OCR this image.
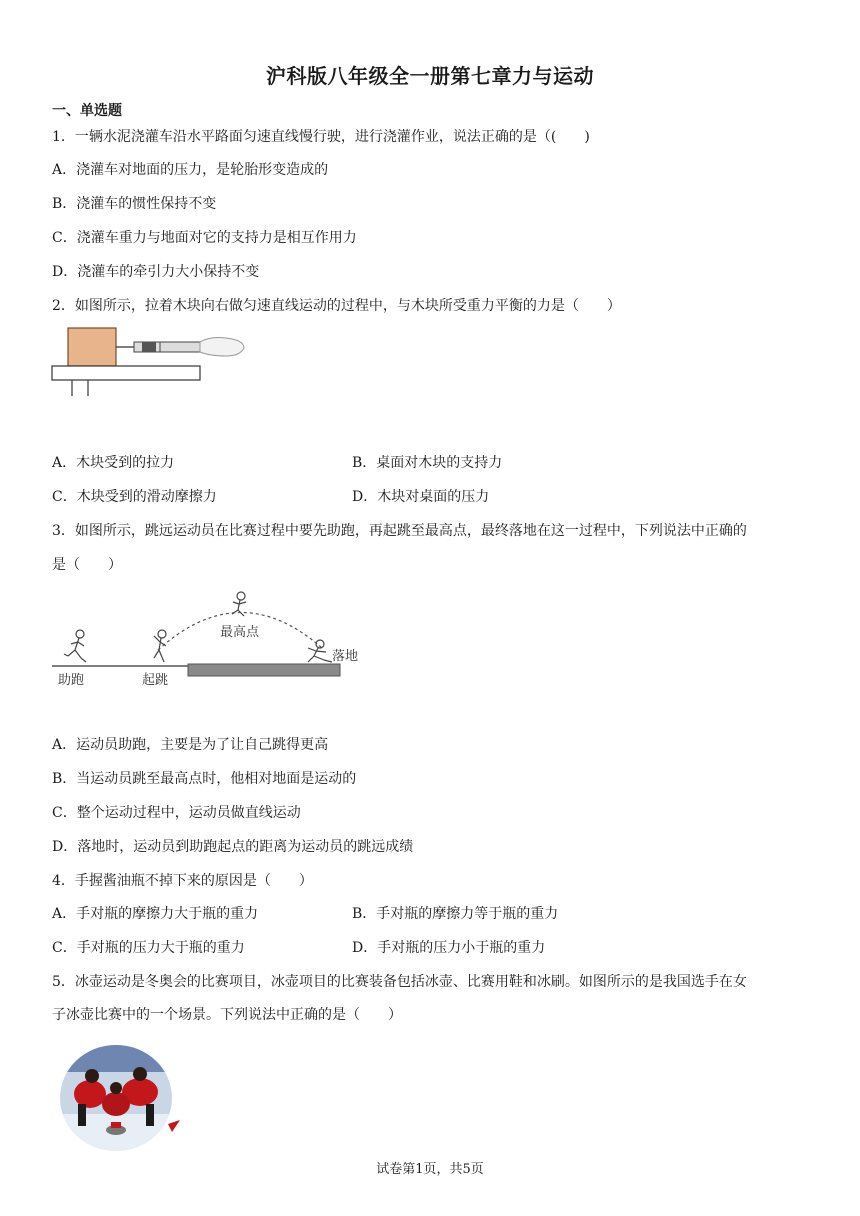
沪科版八年级全一册第七章力与运动
一、单选题
1．一辆水泥浇灌车沿水平路面匀速直线慢行驶，进行浇灌作业，说法正确的是（(　　)
A．浇灌车对地面的压力，是轮胎形变造成的
B．浇灌车的惯性保持不变
C．浇灌车重力与地面对它的支持力是相互作用力
D．浇灌车的牵引力大小保持不变
2．如图所示，拉着木块向右做匀速直线运动的过程中，与木块所受重力平衡的力是（　　）
A．木块受到的拉力	B．桌面对木块的支持力
C．木块受到的滑动摩擦力	D．木块对桌面的压力
3．如图所示，跳远运动员在比赛过程中要先助跑，再起跳至最高点，最终落地在这一过程中，下列说法中正确的
是（　　）
助跑	起跳
最高点
落地
A．运动员助跑，主要是为了让自己跳得更高
B．当运动员跳至最高点时，他相对地面是运动的
C．整个运动过程中，运动员做直线运动
D．落地时，运动员到助跑起点的距离为运动员的跳远成绩
4．手握酱油瓶不掉下来的原因是（　　）
A．手对瓶的摩擦力大于瓶的重力	B．手对瓶的摩擦力等于瓶的重力
C．手对瓶的压力大于瓶的重力	D．手对瓶的压力小于瓶的重力
5．冰壶运动是冬奥会的比赛项目，冰壶项目的比赛装备包括冰壶、比赛用鞋和冰刷。如图所示的是我国选手在女
子冰壶比赛中的一个场景。下列说法中正确的是（　　）
试卷第1页，共5页
